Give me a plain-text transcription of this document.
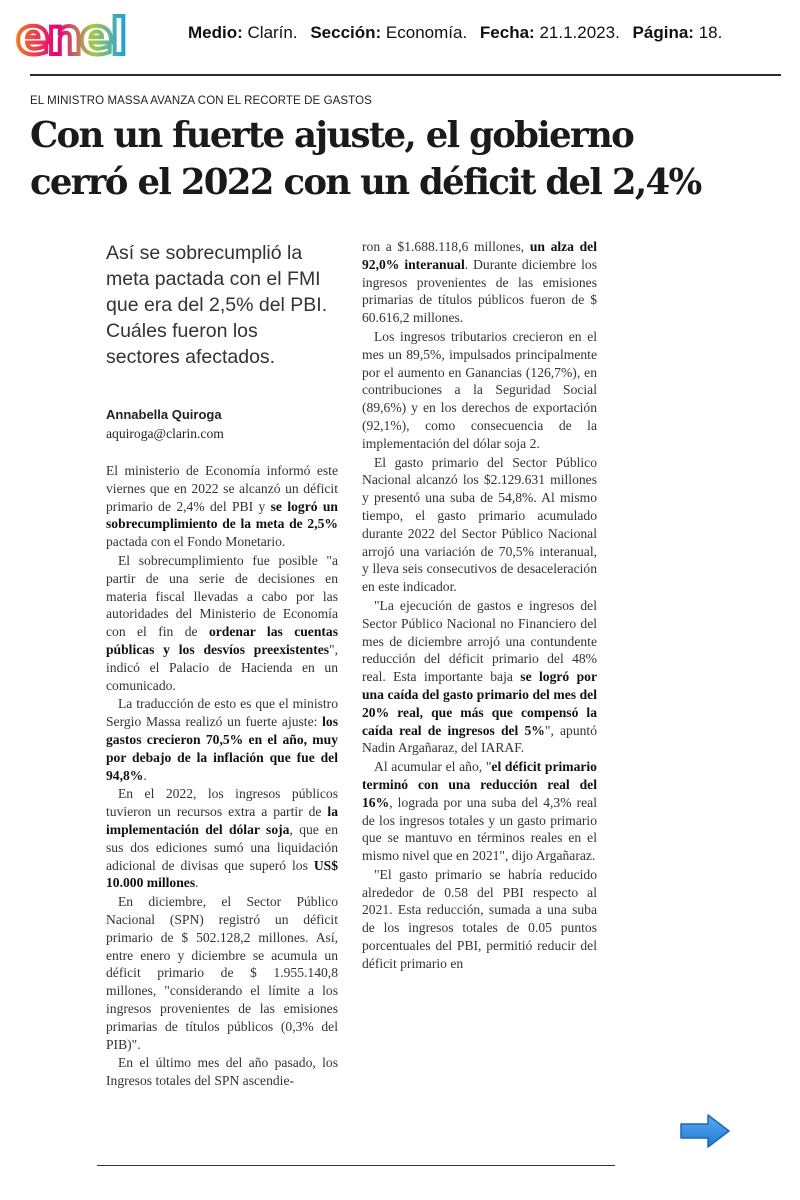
enel	Medio: Clarín. Sección: Economía. Fecha: 21.1.2023. Página: 18.
EL MINISTRO MASSA AVANZA CON EL RECORTE DE GASTOS
Con un fuerte ajuste, el gobierno
cerró el 2022 con un déficit del 2,4%

Así se sobrecumplió la meta pactada con el FMI que era del 2,5% del PBI. Cuáles fueron los sectores afectados.

Annabella Quiroga
aquiroga@clarin.com

El ministerio de Economía informó este viernes que en 2022 se alcanzó un déficit primario de 2,4% del PBI y se logró un sobrecumplimiento de la meta de 2,5% pactada con el Fondo Monetario.

El sobrecumplimiento fue posible "a partir de una serie de decisiones en materia fiscal llevadas a cabo por las autoridades del Ministerio de Economía con el fin de ordenar las cuentas públicas y los desvíos preexistentes", indicó el Palacio de Hacienda en un comunicado.

La traducción de esto es que el ministro Sergio Massa realizó un fuerte ajuste: los gastos crecieron 70,5% en el año, muy por debajo de la inflación que fue del 94,8%.

En el 2022, los ingresos públicos tuvieron un recursos extra a partir de la implementación del dólar soja, que en sus dos ediciones sumó una liquidación adicional de divisas que superó los US$ 10.000 millones.

En diciembre, el Sector Público Nacional (SPN) registró un déficit primario de $ 502.128,2 millones. Así, entre enero y diciembre se acumula un déficit primario de $ 1.955.140,8 millones, "considerando el límite a los ingresos provenientes de las emisiones primarias de títulos públicos (0,3% del PIB)".

En el último mes del año pasado, los Ingresos totales del SPN ascendie-

ron a $1.688.118,6 millones, un alza del 92,0% interanual. Durante diciembre los ingresos provenientes de las emisiones primarias de títulos públicos fueron de $ 60.616,2 millones.

Los ingresos tributarios crecieron en el mes un 89,5%, impulsados principalmente por el aumento en Ganancias (126,7%), en contribuciones a la Seguridad Social (89,6%) y en los derechos de exportación (92,1%), como consecuencia de la implementación del dólar soja 2.

El gasto primario del Sector Público Nacional alcanzó los $2.129.631 millones y presentó una suba de 54,8%. Al mismo tiempo, el gasto primario acumulado durante 2022 del Sector Público Nacional arrojó una variación de 70,5% interanual, y lleva seis consecutivos de desaceleración en este indicador.

"La ejecución de gastos e ingresos del Sector Público Nacional no Financiero del mes de diciembre arrojó una contundente reducción del déficit primario del 48% real. Esta importante baja se logró por una caída del gasto primario del mes del 20% real, que más que compensó la caída real de ingresos del 5%", apuntó Nadin Argañaraz, del IARAF.

Al acumular el año, "el déficit primario terminó con una reducción real del 16%, lograda por una suba del 4,3% real de los ingresos totales y un gasto primario que se mantuvo en términos reales en el mismo nivel que en 2021", dijo Argañaraz.

"El gasto primario se habría reducido alrededor de 0.58 del PBI respecto al 2021. Esta reducción, sumada a una suba de los ingresos totales de 0.05 puntos porcentuales del PBI, permitió reducir del déficit primario en
